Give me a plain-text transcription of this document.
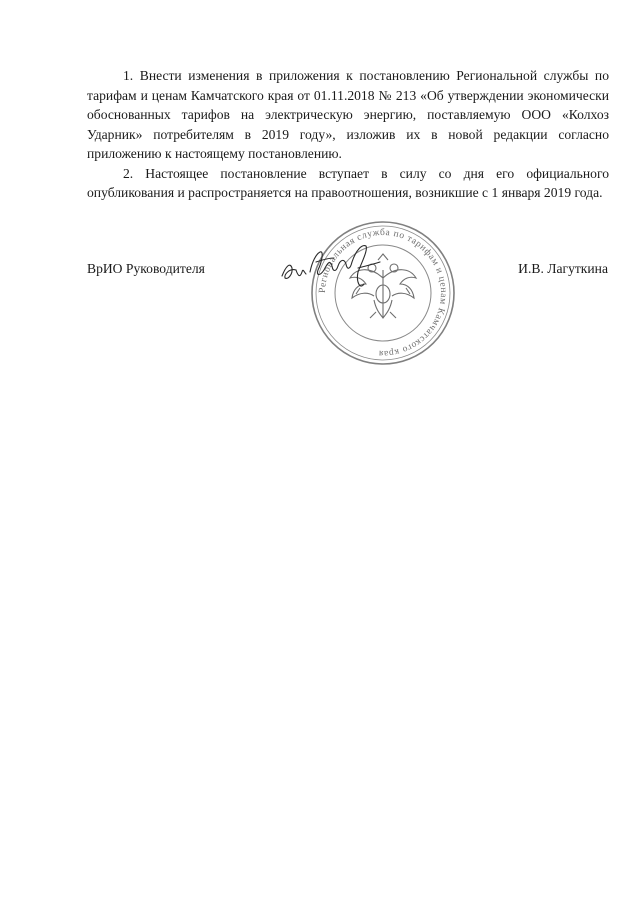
1. Внести изменения в приложения к постановлению Региональной службы по тарифам и ценам Камчатского края от 01.11.2018 № 213 «Об утверждении экономически обоснованных тарифов на электрическую энергию, поставляемую ООО «Колхоз Ударник» потребителям в 2019 году», изложив их в новой редакции согласно приложению к настоящему постановлению.

2. Настоящее постановление вступает в силу со дня его официального опубликования и распространяется на правоотношения, возникшие с 1 января 2019 года.

ВрИО Руководителя
Региональная служба по тарифам и ценам Камчатского края
И.В. Лагуткина
